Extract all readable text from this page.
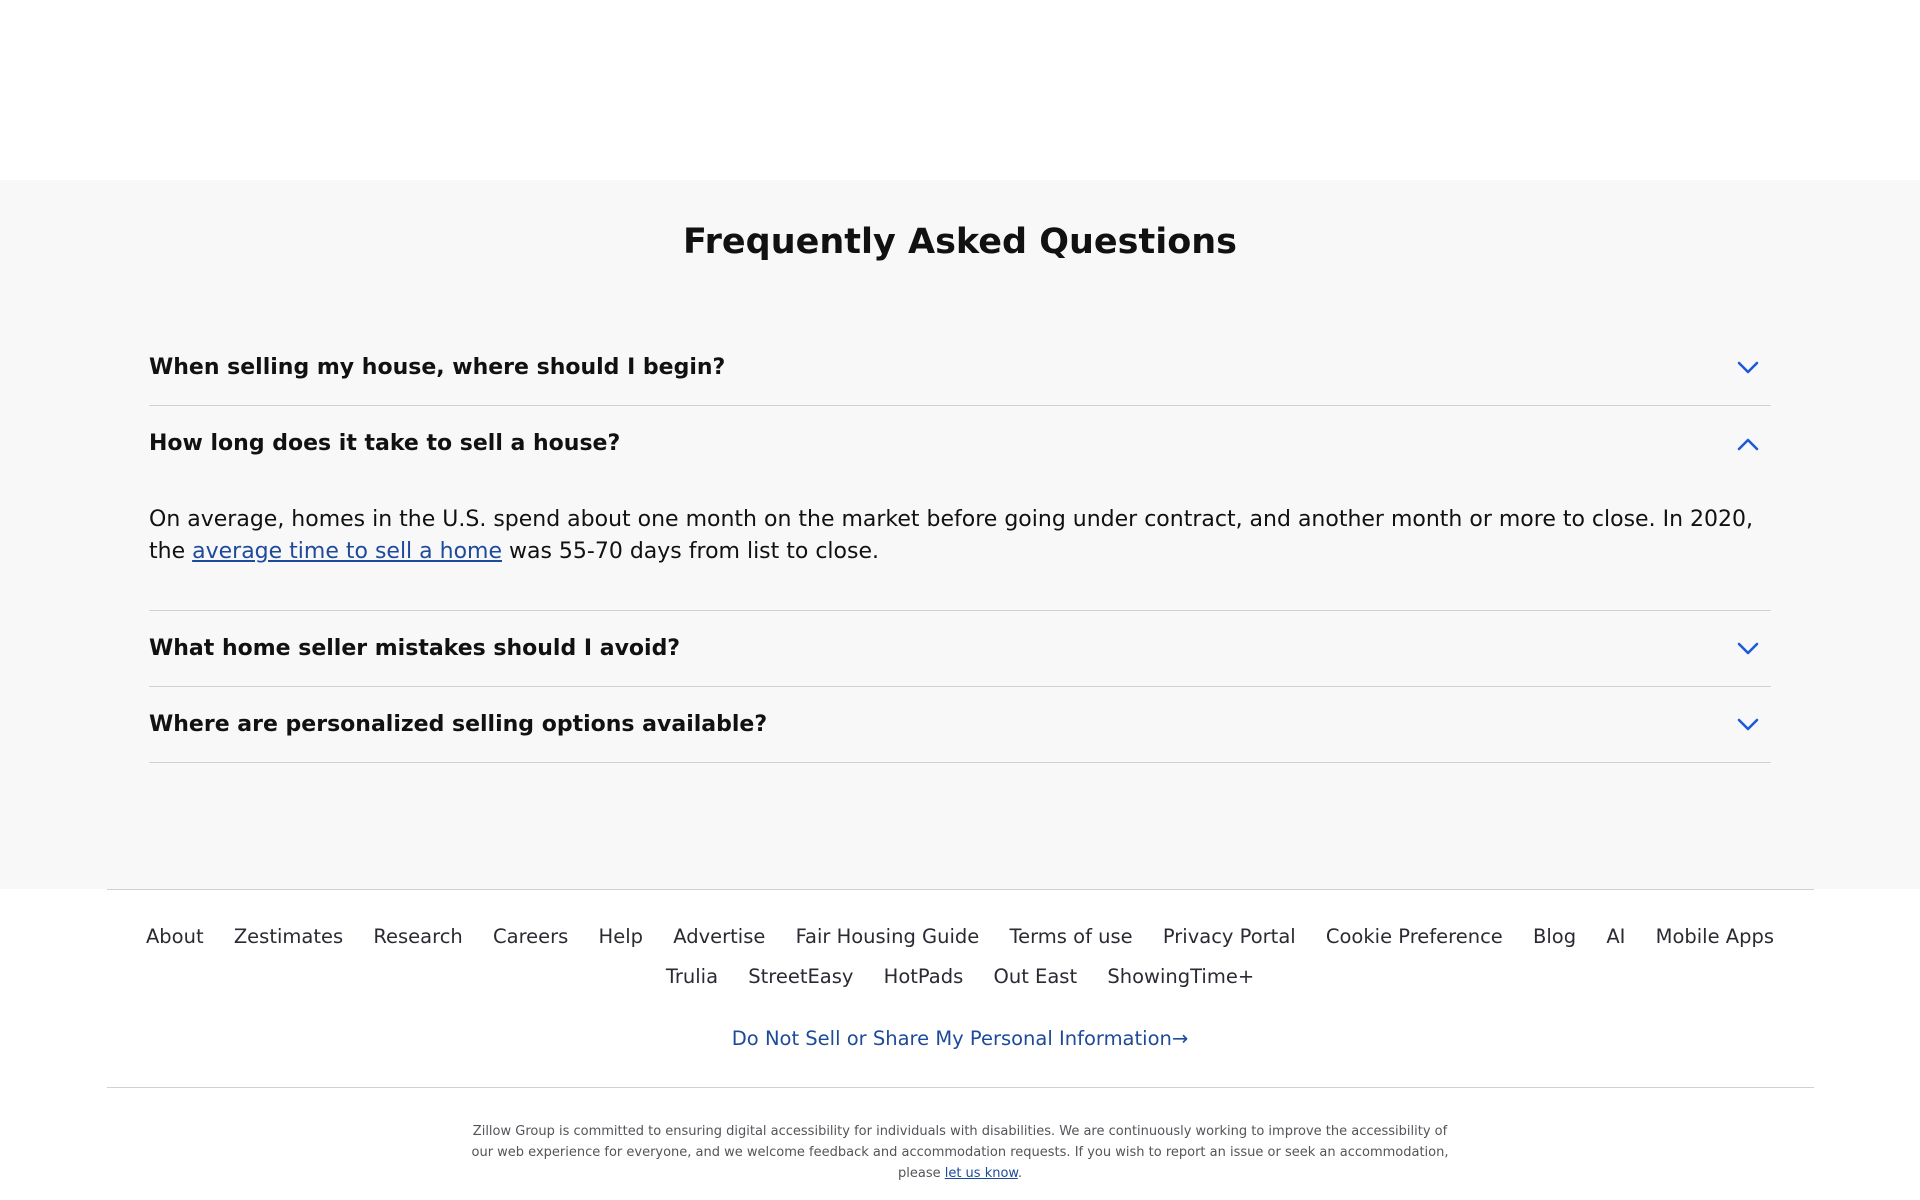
Frequently Asked Questions
When selling my house, where should I begin?
How long does it take to sell a house?

On average, homes in the U.S. spend about one month on the market before going under contract, and another month or more to close. In 2020, the average time to sell a home was 55-70 days from list to close.

What home seller mistakes should I avoid?
Where are personalized selling options available?
About Zestimates Research Careers Help Advertise Fair Housing Guide Terms of use Privacy Portal Cookie Preference Blog AI Mobile Apps
Trulia StreetEasy HotPads Out East ShowingTime+
Do Not Sell or Share My Personal Information→

Zillow Group is committed to ensuring digital accessibility for individuals with disabilities. We are continuously working to improve the accessibility of our web experience for everyone, and we welcome feedback and accommodation requests. If you wish to report an issue or seek an accommodation, please let us know.
